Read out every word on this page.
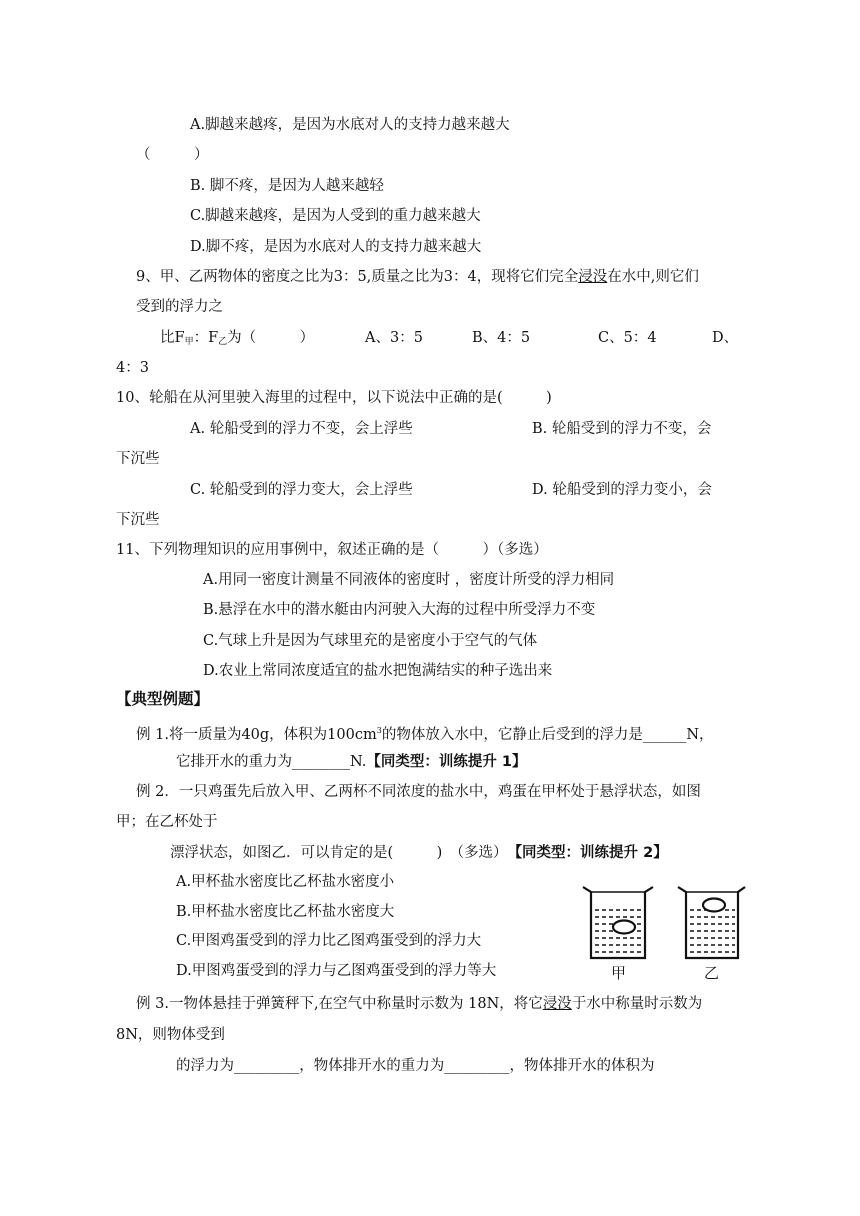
A.脚越来越疼，是因为水底对人的支持力越来越大
（　　　）
B. 脚不疼，是因为人越来越轻
C.脚越来越疼，是因为人受到的重力越来越大
D.脚不疼，是因为水底对人的支持力越来越大
9、甲、乙两物体的密度之比为3：5,质量之比为3：4，现将它们完全浸没在水中,则它们
受到的浮力之
比$F_甲$：$F_乙$为（　　　）	A、3：5	B、4：5	C、5：4	D、
4：3
10、轮船在从河里驶入海里的过程中，以下说法中正确的是(　　　)
A. 轮船受到的浮力不变，会上浮些	B. 轮船受到的浮力不变，会
下沉些
C. 轮船受到的浮力变大，会上浮些	D. 轮船受到的浮力变小，会
下沉些
11、下列物理知识的应用事例中，叙述正确的是（　　　）（多选）
A.用同一密度计测量不同液体的密度时 ，密度计所受的浮力相同
B.悬浮在水中的潜水艇由内河驶入大海的过程中所受浮力不变
C.气球上升是因为气球里充的是密度小于空气的气体
D.农业上常同浓度适宜的盐水把饱满结实的种子选出来
【典型例题】
例 1.将一质量为40g，体积为$100cm^3$的物体放入水中，它静止后受到的浮力是______N，
它排开水的重力为________N.【同类型：训练提升 1】
例 2．一只鸡蛋先后放入甲、乙两杯不同浓度的盐水中，鸡蛋在甲杯处于悬浮状态，如图
甲；在乙杯处于
漂浮状态，如图乙．可以肯定的是(　　　)　（多选）　【同类型：训练提升 2】
A.甲杯盐水密度比乙杯盐水密度小
B.甲杯盐水密度比乙杯盐水密度大
C.甲图鸡蛋受到的浮力比乙图鸡蛋受到的浮力大
D.甲图鸡蛋受到的浮力与乙图鸡蛋受到的浮力等大	甲	乙
例 3.一物体悬挂于弹簧秤下,在空气中称量时示数为 18N，将它浸没于水中称量时示数为
8N，则物体受到
的浮力为_________，物体排开水的重力为_________，物体排开水的体积为
